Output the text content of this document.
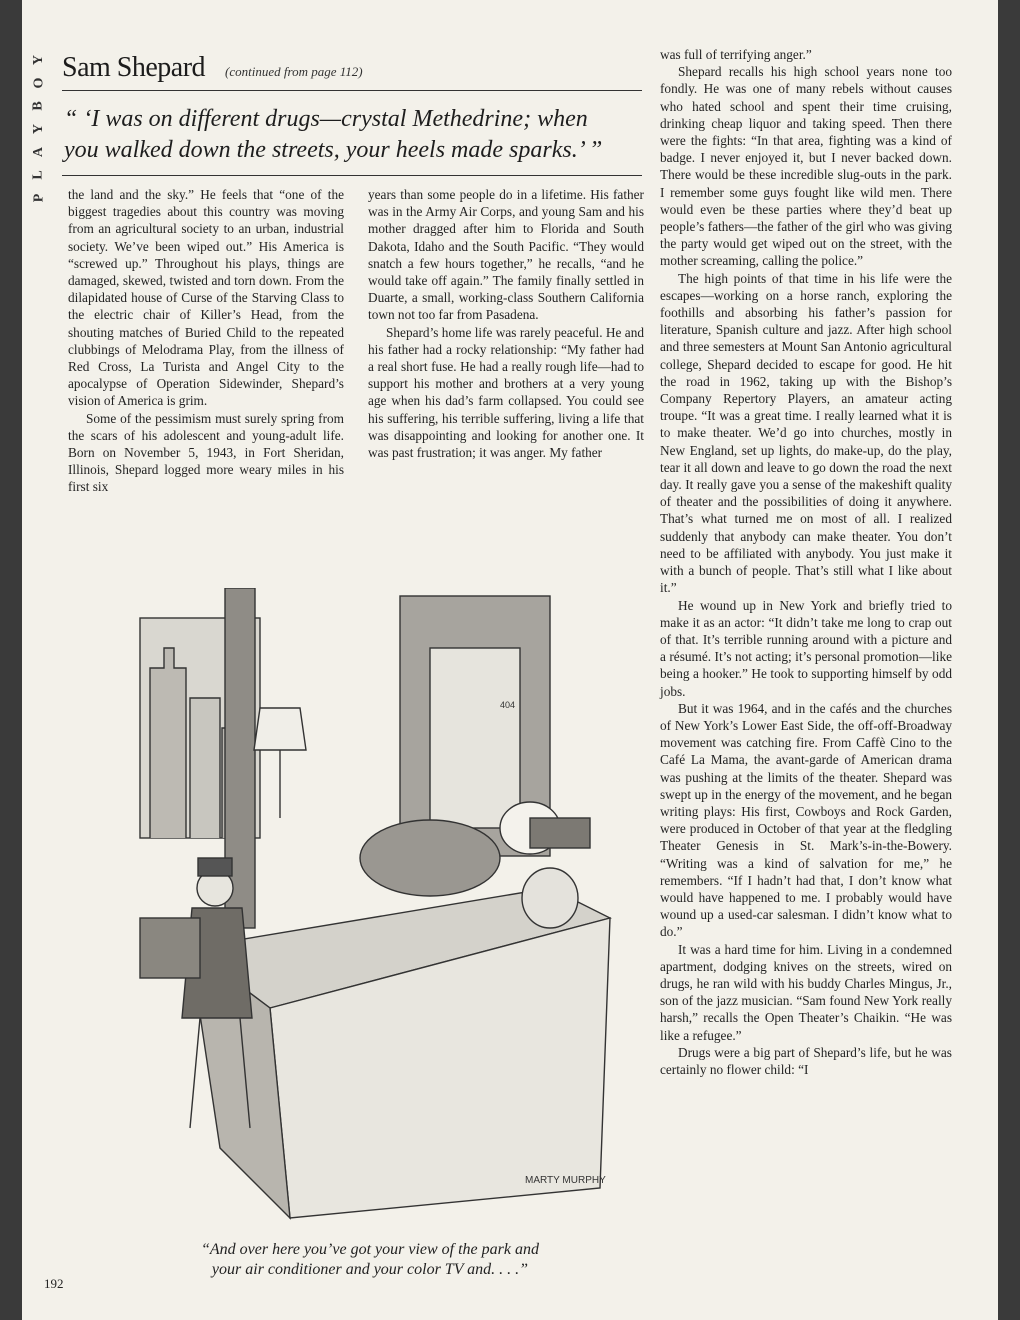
Y
O
B
Y
A
L
P
Sam Shepard (continued from page 112)

“ ‘I was on different drugs—crystal Methedrine; when

you walked down the streets, your heels made sparks.’ ”

the land and the sky.” He feels that “one of the biggest tragedies about this country was moving from an agricultural society to an urban, industrial society. We’ve been wiped out.” His America is “screwed up.” Throughout his plays, things are damaged, skewed, twisted and torn down. From the dilapidated house of Curse of the Starving Class to the electric chair of Killer’s Head, from the shouting matches of Buried Child to the repeated clubbings of Melodrama Play, from the illness of Red Cross, La Turista and Angel City to the apocalypse of Operation Sidewinder, Shepard’s vision of America is grim.

Some of the pessimism must surely spring from the scars of his adolescent and young-adult life. Born on November 5, 1943, in Fort Sheridan, Illinois, Shepard logged more weary miles in his first six

years than some people do in a lifetime. His father was in the Army Air Corps, and young Sam and his mother dragged after him to Florida and South Dakota, Idaho and the South Pacific. “They would snatch a few hours together,” he recalls, “and he would take off again.” The family finally settled in Duarte, a small, working-class Southern California town not too far from Pasadena.

Shepard’s home life was rarely peaceful. He and his father had a rocky relationship: “My father had a real short fuse. He had a really rough life—had to support his mother and brothers at a very young age when his dad’s farm collapsed. You could see his suffering, his terrible suffering, living a life that was disappointing and looking for another one. It was past frustration; it was anger. My father

was full of terrifying anger.”

Shepard recalls his high school years none too fondly. He was one of many rebels without causes who hated school and spent their time cruising, drinking cheap liquor and taking speed. Then there were the fights: “In that area, fighting was a kind of badge. I never enjoyed it, but I never backed down. There would be these incredible slug-outs in the park. I remember some guys fought like wild men. There would even be these parties where they’d beat up people’s fathers—the father of the girl who was giving the party would get wiped out on the street, with the mother screaming, calling the police.”

The high points of that time in his life were the escapes—working on a horse ranch, exploring the foothills and absorbing his father’s passion for literature, Spanish culture and jazz. After high school and three semesters at Mount San Antonio agricultural college, Shepard decided to escape for good. He hit the road in 1962, taking up with the Bishop’s Company Repertory Players, an amateur acting troupe. “It was a great time. I really learned what it is to make theater. We’d go into churches, mostly in New England, set up lights, do make-up, do the play, tear it all down and leave to go down the road the next day. It really gave you a sense of the makeshift quality of theater and the possibilities of doing it anywhere. That’s what turned me on most of all. I realized suddenly that anybody can make theater. You don’t need to be affiliated with anybody. You just make it with a bunch of people. That’s still what I like about it.”

He wound up in New York and briefly tried to make it as an actor: “It didn’t take me long to crap out of that. It’s terrible running around with a picture and a résumé. It’s not acting; it’s personal promotion—like being a hooker.” He took to supporting himself by odd jobs.

But it was 1964, and in the cafés and the churches of New York’s Lower East Side, the off-off-Broadway movement was catching fire. From Caffè Cino to the Café La Mama, the avant-garde of American drama was pushing at the limits of the theater. Shepard was swept up in the energy of the movement, and he began writing plays: His first, Cowboys and Rock Garden, were produced in October of that year at the fledgling Theater Genesis in St. Mark’s-in-the-Bowery. “Writing was a kind of salvation for me,” he remembers. “If I hadn’t had that, I don’t know what would have happened to me. I probably would have wound up a used-car salesman. I didn’t know what to do.”

It was a hard time for him. Living in a condemned apartment, dodging knives on the streets, wired on drugs, he ran wild with his buddy Charles Mingus, Jr., son of the jazz musician. “Sam found New York really harsh,” recalls the Open Theater’s Chaikin. “He was like a refugee.”

Drugs were a big part of Shepard’s life, but he was certainly no flower child: “I

404
MARTY MURPHY

“And over here you’ve got your view of the park and

your air conditioner and your color TV and. . . .”

192
